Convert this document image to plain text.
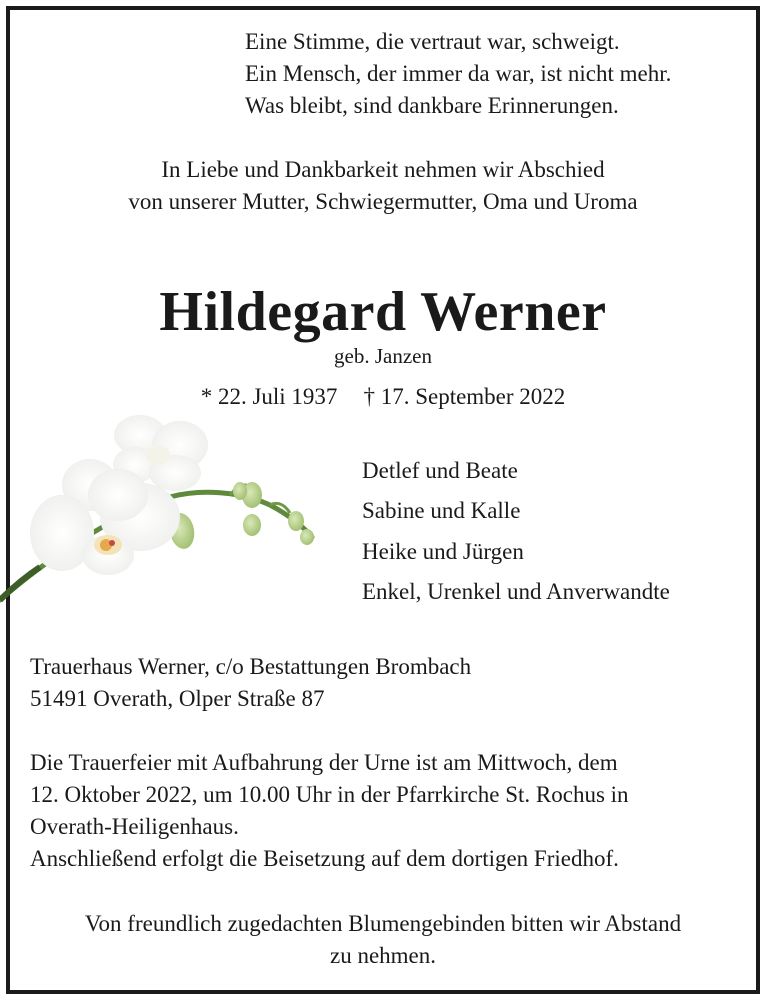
Eine Stimme, die vertraut war, schweigt.
Ein Mensch, der immer da war, ist nicht mehr.
Was bleibt, sind dankbare Erinnerungen.
In Liebe und Dankbarkeit nehmen wir Abschied
von unserer Mutter, Schwiegermutter, Oma und Uroma
Hildegard Werner
geb. Janzen
* 22. Juli 1937 † 17. September 2022
Detlef und Beate
Sabine und Kalle
Heike und Jürgen
Enkel, Urenkel und Anverwandte
Trauerhaus Werner, c/o Bestattungen Brombach
51491 Overath, Olper Straße 87
Die Trauerfeier mit Aufbahrung der Urne ist am Mittwoch, dem
12. Oktober 2022, um 10.00 Uhr in der Pfarrkirche St. Rochus in
Overath-Heiligenhaus.
Anschließend erfolgt die Beisetzung auf dem dortigen Friedhof.
Von freundlich zugedachten Blumengebinden bitten wir Abstand
zu nehmen.
